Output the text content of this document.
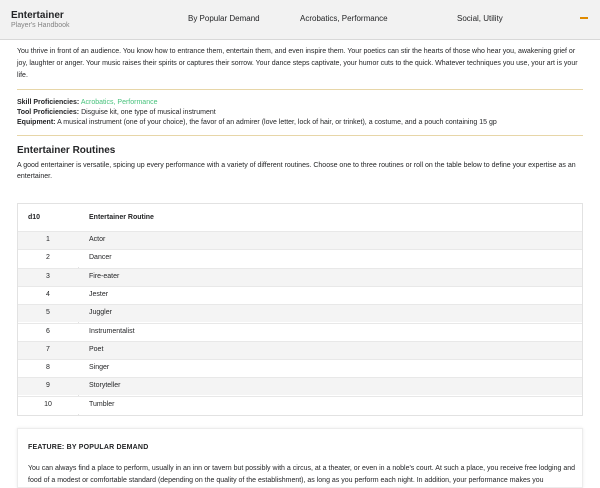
Entertainer
Player's Handbook
By Popular Demand	Acrobatics, Performance	Social, Utility

You thrive in front of an audience. You know how to entrance them, entertain them, and even inspire them. Your poetics can stir the hearts of those who hear you, awakening grief or joy, laughter or anger. Your music raises their spirits or captures their sorrow. Your dance steps captivate, your humor cuts to the quick. Whatever techniques you use, your art is your life.

Skill Proficiencies: Acrobatics, Performance

Tool Proficiencies: Disguise kit, one type of musical instrument

Equipment: A musical instrument (one of your choice), the favor of an admirer (love letter, lock of hair, or trinket), a costume, and a pouch containing 15 gp

Entertainer Routines

A good entertainer is versatile, spicing up every performance with a variety of different routines. Choose one to three routines or roll on the table below to define your expertise as an entertainer.

d10	Entertainer Routine
1	Actor
2	Dancer
3	Fire-eater
4	Jester
5	Juggler
6	Instrumentalist
7	Poet
8	Singer
9	Storyteller
10	Tumbler
FEATURE: BY POPULAR DEMAND
You can always find a place to perform, usually in an inn or tavern but possibly with a circus, at a theater, or even in a noble's court. At such a place, you receive free lodging and food of a modest or comfortable standard (depending on the quality of the establishment), as long as you perform each night. In addition, your performance makes you
